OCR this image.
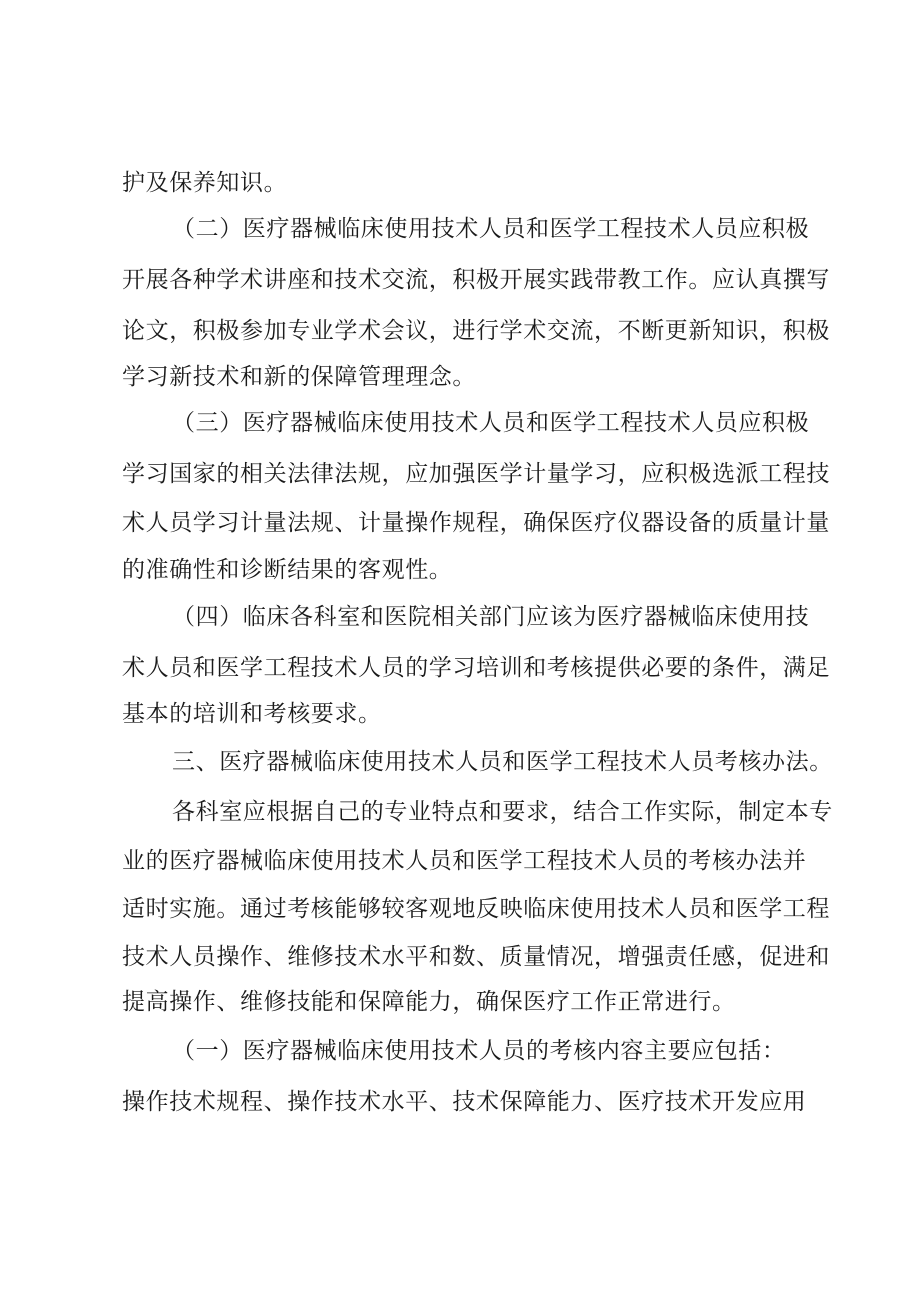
护及保养知识。
（二）医疗器械临床使用技术人员和医学工程技术人员应积极
开展各种学术讲座和技术交流，积极开展实践带教工作。应认真撰写
论文，积极参加专业学术会议，进行学术交流，不断更新知识，积极
学习新技术和新的保障管理理念。
（三）医疗器械临床使用技术人员和医学工程技术人员应积极
学习国家的相关法律法规，应加强医学计量学习，应积极选派工程技
术人员学习计量法规、计量操作规程，确保医疗仪器设备的质量计量
的准确性和诊断结果的客观性。
（四）临床各科室和医院相关部门应该为医疗器械临床使用技
术人员和医学工程技术人员的学习培训和考核提供必要的条件，满足
基本的培训和考核要求。
三、医疗器械临床使用技术人员和医学工程技术人员考核办法。
各科室应根据自己的专业特点和要求，结合工作实际，制定本专
业的医疗器械临床使用技术人员和医学工程技术人员的考核办法并
适时实施。通过考核能够较客观地反映临床使用技术人员和医学工程
技术人员操作、维修技术水平和数、质量情况，增强责任感，促进和
提高操作、维修技能和保障能力，确保医疗工作正常进行。
（一）医疗器械临床使用技术人员的考核内容主要应包括：
操作技术规程、操作技术水平、技术保障能力、医疗技术开发应用
